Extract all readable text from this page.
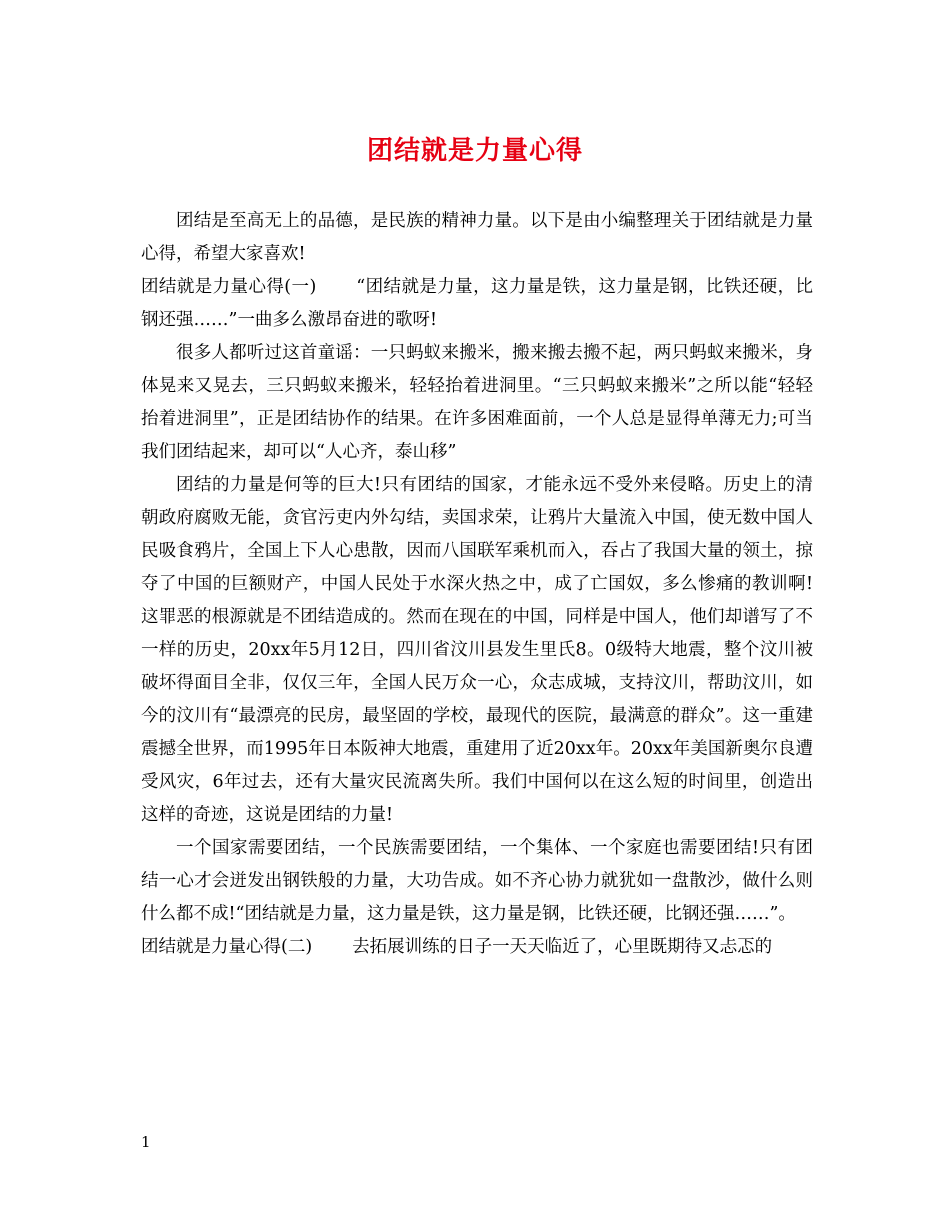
团结就是力量心得

团结是至高无上的品德，是民族的精神力量。以下是由小编整理关于团结就是力量心得，希望大家喜欢!

团结就是力量心得(一) “团结就是力量，这力量是铁，这力量是钢，比铁还硬，比钢还强……”一曲多么激昂奋进的歌呀!

很多人都听过这首童谣：一只蚂蚁来搬米，搬来搬去搬不起，两只蚂蚁来搬米，身体晃来又晃去，三只蚂蚁来搬米，轻轻抬着进洞里。“三只蚂蚁来搬米”之所以能“轻轻抬着进洞里”，正是团结协作的结果。在许多困难面前，一个人总是显得单薄无力;可当我们团结起来，却可以“人心齐，泰山移”

团结的力量是何等的巨大!只有团结的国家，才能永远不受外来侵略。历史上的清朝政府腐败无能，贪官污吏内外勾结，卖国求荣，让鸦片大量流入中国，使无数中国人民吸食鸦片，全国上下人心患散，因而八国联军乘机而入，吞占了我国大量的领土，掠夺了中国的巨额财产，中国人民处于水深火热之中，成了亡国奴，多么惨痛的教训啊!这罪恶的根源就是不团结造成的。然而在现在的中国，同样是中国人，他们却谱写了不一样的历史，20xx年5月12日，四川省汶川县发生里氏8。0级特大地震，整个汶川被破坏得面目全非，仅仅三年，全国人民万众一心，众志成城，支持汶川，帮助汶川，如今的汶川有“最漂亮的民房，最坚固的学校，最现代的医院，最满意的群众”。这一重建震撼全世界，而1995年日本阪神大地震，重建用了近20xx年。20xx年美国新奥尔良遭受风灾，6年过去，还有大量灾民流离失所。我们中国何以在这么短的时间里，创造出这样的奇迹，这说是团结的力量!

一个国家需要团结，一个民族需要团结，一个集体、一个家庭也需要团结!只有团结一心才会迸发出钢铁般的力量，大功告成。如不齐心协力就犹如一盘散沙，做什么则什么都不成!“团结就是力量，这力量是铁，这力量是钢，比铁还硬，比钢还强……”。

团结就是力量心得(二) 去拓展训练的日子一天天临近了，心里既期待又忐忑的

1
